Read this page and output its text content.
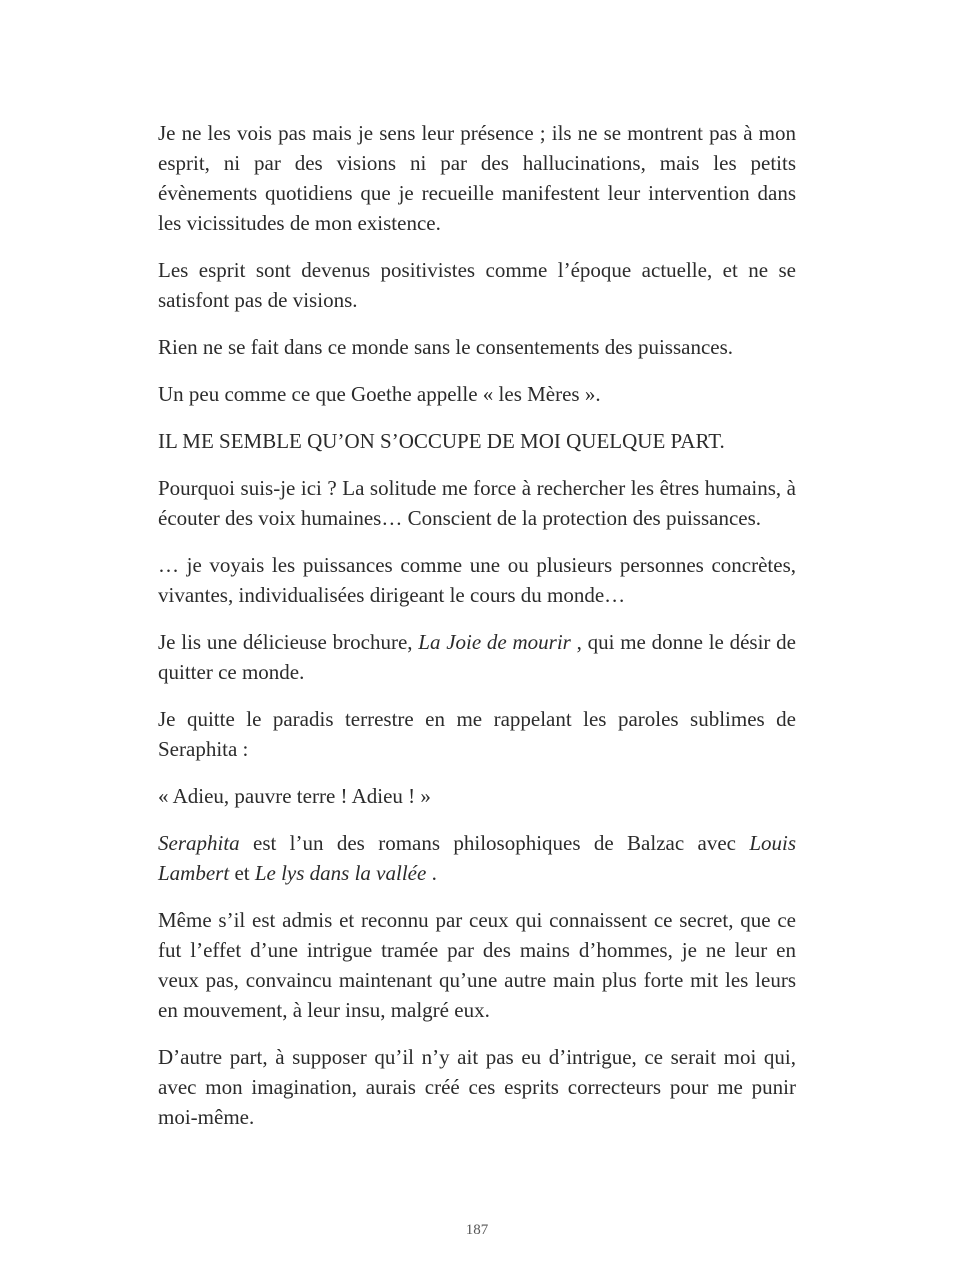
Je ne les vois pas mais je sens leur présence ; ils ne se montrent pas à mon esprit, ni par des visions ni par des hallucinations, mais les petits évènements quotidiens que je recueille manifestent leur intervention dans les vicissitudes de mon existence.

Les esprit sont devenus positivistes comme l’époque actuelle, et ne se satisfont pas de visions.

Rien ne se fait dans ce monde sans le consentements des puissances.

Un peu comme ce que Goethe appelle « les Mères ».

IL ME SEMBLE QU’ON S’OCCUPE DE MOI QUELQUE PART.

Pourquoi suis-je ici ? La solitude me force à rechercher les êtres humains, à écouter des voix humaines… Conscient de la protection des puissances.

… je voyais les puissances comme une ou plusieurs personnes concrètes, vivantes, individualisées dirigeant le cours du monde…

Je lis une délicieuse brochure, La Joie de mourir , qui me donne le désir de quitter ce monde.

Je quitte le paradis terrestre en me rappelant les paroles sublimes de Seraphita :

« Adieu, pauvre terre ! Adieu ! »

Seraphita est l’un des romans philosophiques de Balzac avec Louis Lambert et Le lys dans la vallée .

Même s’il est admis et reconnu par ceux qui connaissent ce secret, que ce fut l’effet d’une intrigue tramée par des mains d’hommes, je ne leur en veux pas, convaincu maintenant qu’une autre main plus forte mit les leurs en mouvement, à leur insu, malgré eux.

D’autre part, à supposer qu’il n’y ait pas eu d’intrigue, ce serait moi qui, avec mon imagination, aurais créé ces esprits correcteurs pour me punir moi-même.

187
